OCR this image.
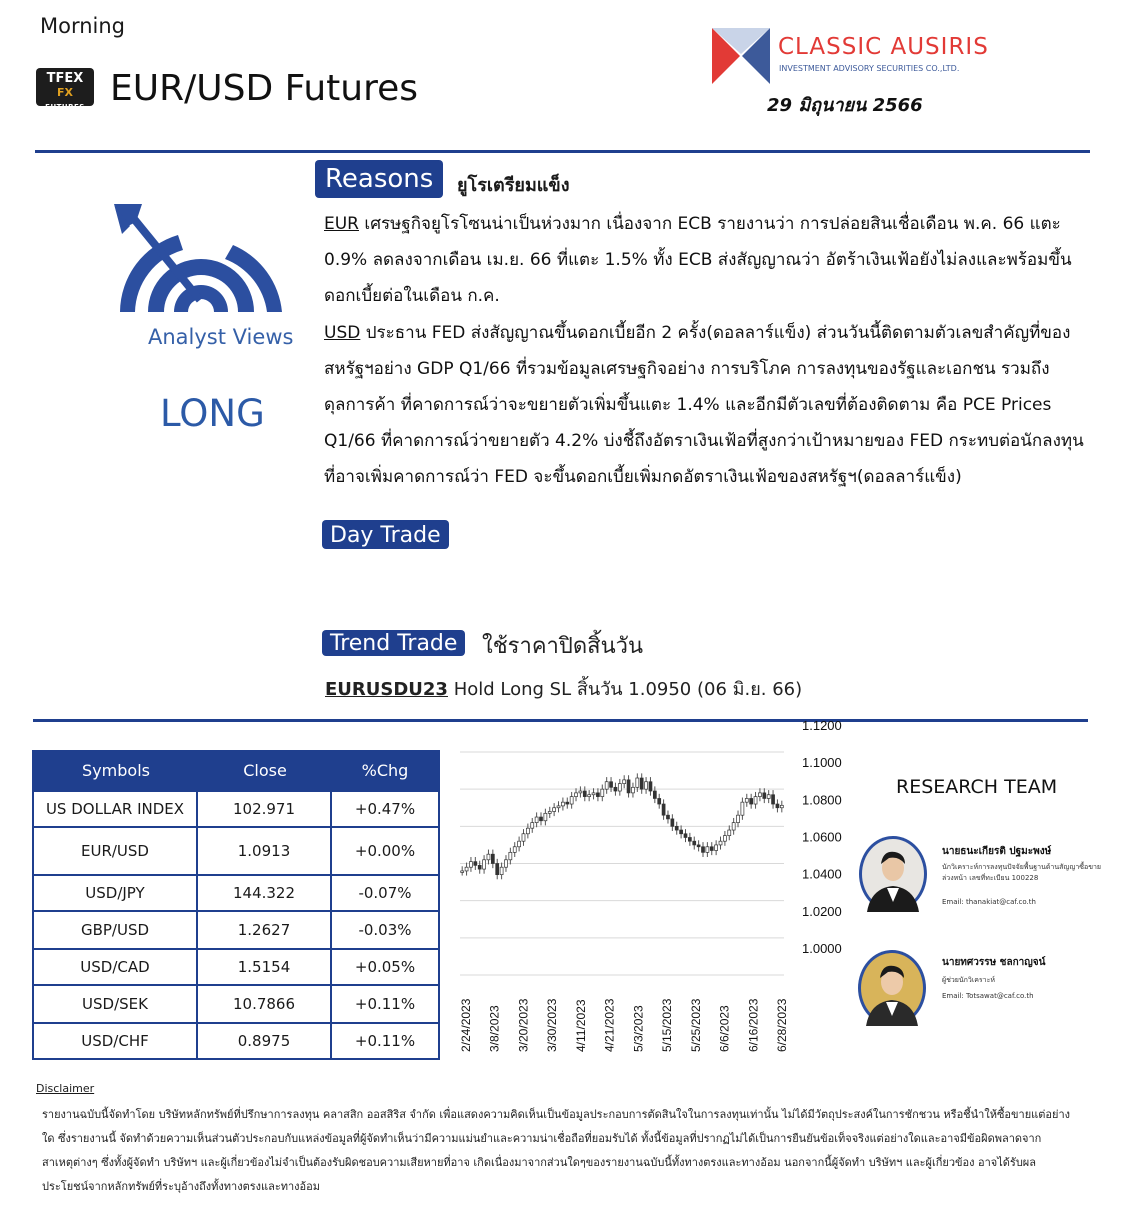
Morning
TFEX
FX
FUTURES EUR/USD Futures
CLASSIC AUSIRIS
INVESTMENT ADVISORY SECURITIES CO.,LTD.
29 มิถุนายน 2566
Analyst Views
LONG
Reasons	ยูโรเตรียมแข็ง
EUR เศรษฐกิจยูโรโซนน่าเป็นห่วงมาก เนื่องจาก ECB รายงานว่า การปล่อยสินเชื่อเดือน พ.ค. 66 แตะ 0.9% ลดลงจากเดือน เม.ย. 66 ที่แตะ 1.5% ทั้ง ECB ส่งสัญญาณว่า อัตร้าเงินเฟ้อยังไม่ลงและพร้อมขึ้นดอกเบี้ยต่อในเดือน ก.ค.
USD ประธาน FED ส่งสัญญาณขึ้นดอกเบี้ยอีก 2 ครั้ง(ดอลลาร์แข็ง) ส่วนวันนี้ติดตามตัวเลขสำคัญที่ของสหรัฐฯอย่าง GDP Q1/66 ที่รวมข้อมูลเศรษฐกิจอย่าง การบริโภค การลงทุนของรัฐและเอกชน รวมถึงดุลการค้า ที่คาดการณ์ว่าจะขยายตัวเพิ่มขึ้นแตะ 1.4% และอีกมีตัวเลขที่ต้องติดตาม คือ PCE Prices Q1/66 ที่คาดการณ์ว่าขยายตัว 4.2% บ่งชี้ถึงอัตราเงินเฟ้อที่สูงกว่าเป้าหมายของ FED กระทบต่อนักลงทุนที่อาจเพิ่มคาดการณ์ว่า FED จะขึ้นดอกเบี้ยเพิ่มกดอัตราเงินเฟ้อของสหรัฐฯ(ดอลลาร์แข็ง)
Day Trade
Trend Trade	ใช้ราคาปิดสิ้นวัน
EURUSDU23 Hold Long SL สิ้นวัน 1.0950 (06 มิ.ย. 66)
Symbols	Close	%Chg
US DOLLAR INDEX	102.971	+0.47%
EUR/USD	1.0913	+0.00%
USD/JPY	144.322	-0.07%
GBP/USD	1.2627	-0.03%
USD/CAD	1.5154	+0.05%
USD/SEK	10.7866	+0.11%
USD/CHF	0.8975	+0.11%
1.1200
1.1000
1.0800
1.0600
1.0400
1.0200
1.0000
2/24/2023 3/8/2023 3/20/2023 3/30/2023 4/11/2023 4/21/2023 5/3/2023 5/15/2023 5/25/2023 6/6/2023 6/16/2023 6/28/2023
RESEARCH TEAM
นายธนะเกียรติ ปฐมะพงษ์
นักวิเคราะห์การลงทุนปัจจัยพื้นฐานด้านสัญญาซื้อขายล่วงหน้า เลขที่ทะเบียน 100228
Email: thanakiat@caf.co.th
นายทศวรรษ ชลกาญจน์
ผู้ช่วยนักวิเคราะห์
Email: Totsawat@caf.co.th
Disclaimer
รายงานฉบับนี้จัดทำโดย บริษัทหลักทรัพย์ที่ปรึกษาการลงทุน คลาสสิก ออสสิริส จำกัด เพื่อแสดงความคิดเห็นเป็นข้อมูลประกอบการตัดสินใจในการลงทุนเท่านั้น ไม่ได้มีวัตถุประสงค์ในการชักชวน หรือชี้นำให้ซื้อขายแต่อย่างใด ซึ่งรายงานนี้ จัดทำด้วยความเห็นส่วนตัวประกอบกับแหล่งข้อมูลที่ผู้จัดทำเห็นว่ามีความแม่นยำและความน่าเชื่อถือที่ยอมรับได้ ทั้งนี้ข้อมูลที่ปรากฏไม่ได้เป็นการยืนยันข้อเท็จจริงแต่อย่างใดและอาจมีข้อผิดพลาดจากสาเหตุต่างๆ ซึ่งทั้งผู้จัดทำ บริษัทฯ และผู้เกี่ยวข้องไม่จำเป็นต้องรับผิดชอบความเสียหายที่อาจ เกิดเนื่องมาจากส่วนใดๆของรายงานฉบับนี้ทั้งทางตรงและทางอ้อม นอกจากนี้ผู้จัดทำ บริษัทฯ และผู้เกี่ยวข้อง อาจได้รับผลประโยชน์จากหลักทรัพย์ที่ระบุอ้างถึงทั้งทางตรงและทางอ้อม
